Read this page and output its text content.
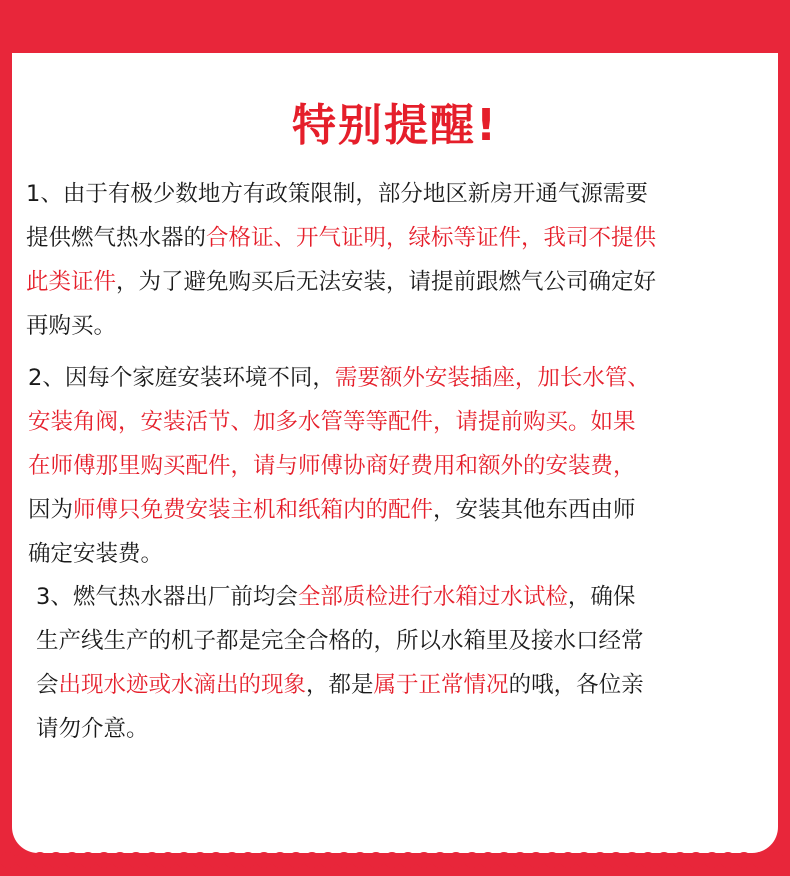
特别提醒!
1、由于有极少数地方有政策限制，部分地区新房开通气源需要
提供燃气热水器的合格证、开气证明，绿标等证件，我司不提供
此类证件，为了避免购买后无法安装，请提前跟燃气公司确定好
再购买。
2、因每个家庭安装环境不同，需要额外安装插座，加长水管、
安装角阀，安装活节、加多水管等等配件，请提前购买。如果
在师傅那里购买配件，请与师傅协商好费用和额外的安装费，
因为师傅只免费安装主机和纸箱内的配件，安装其他东西由师
确定安装费。
3、燃气热水器出厂前均会全部质检进行水箱过水试检，确保
生产线生产的机子都是完全合格的，所以水箱里及接水口经常
会出现水迹或水滴出的现象，都是属于正常情况的哦，各位亲
请勿介意。
